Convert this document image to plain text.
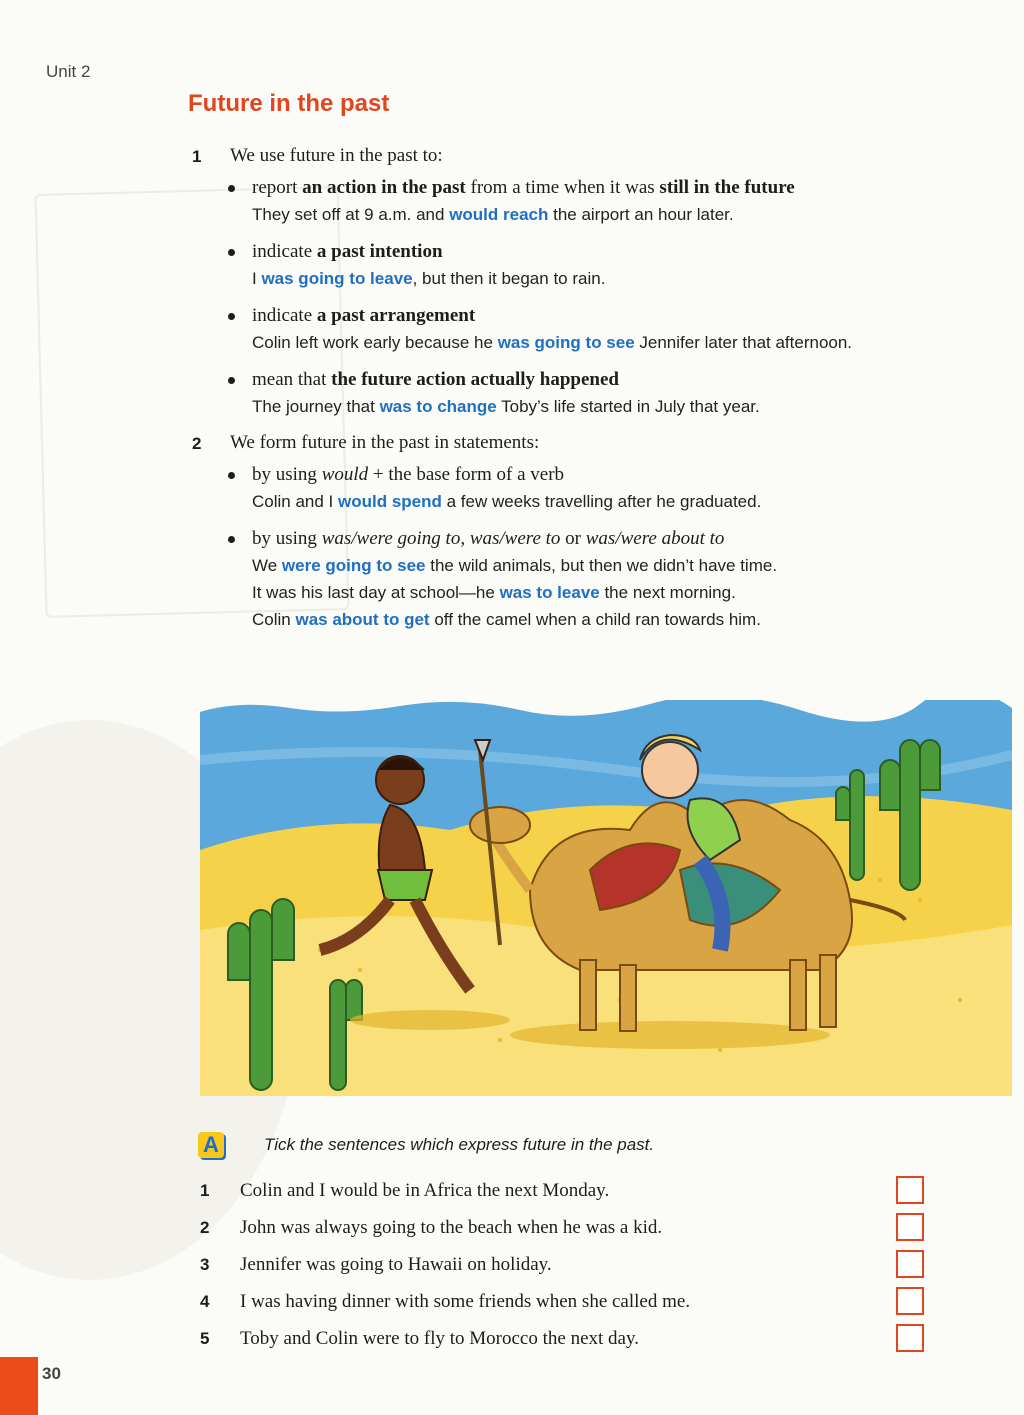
Unit 2
Future in the past
1	We use future in the past to:
report an action in the past from a time when it was still in the future
They set off at 9 a.m. and would reach the airport an hour later.
indicate a past intention
I was going to leave, but then it began to rain.
indicate a past arrangement
Colin left work early because he was going to see Jennifer later that afternoon.
mean that the future action actually happened
The journey that was to change Toby’s life started in July that year.
2	We form future in the past in statements:
by using would + the base form of a verb
Colin and I would spend a few weeks travelling after he graduated.
by using was/were going to, was/were to or was/were about to
We were going to see the wild animals, but then we didn’t have time.
It was his last day at school—he was to leave the next morning.
Colin was about to get off the camel when a child ran towards him.
A	Tick the sentences which express future in the past.
1	Colin and I would be in Africa the next Monday.
2	John was always going to the beach when he was a kid.
3	Jennifer was going to Hawaii on holiday.
4	I was having dinner with some friends when she called me.
5	Toby and Colin were to fly to Morocco the next day.
30
